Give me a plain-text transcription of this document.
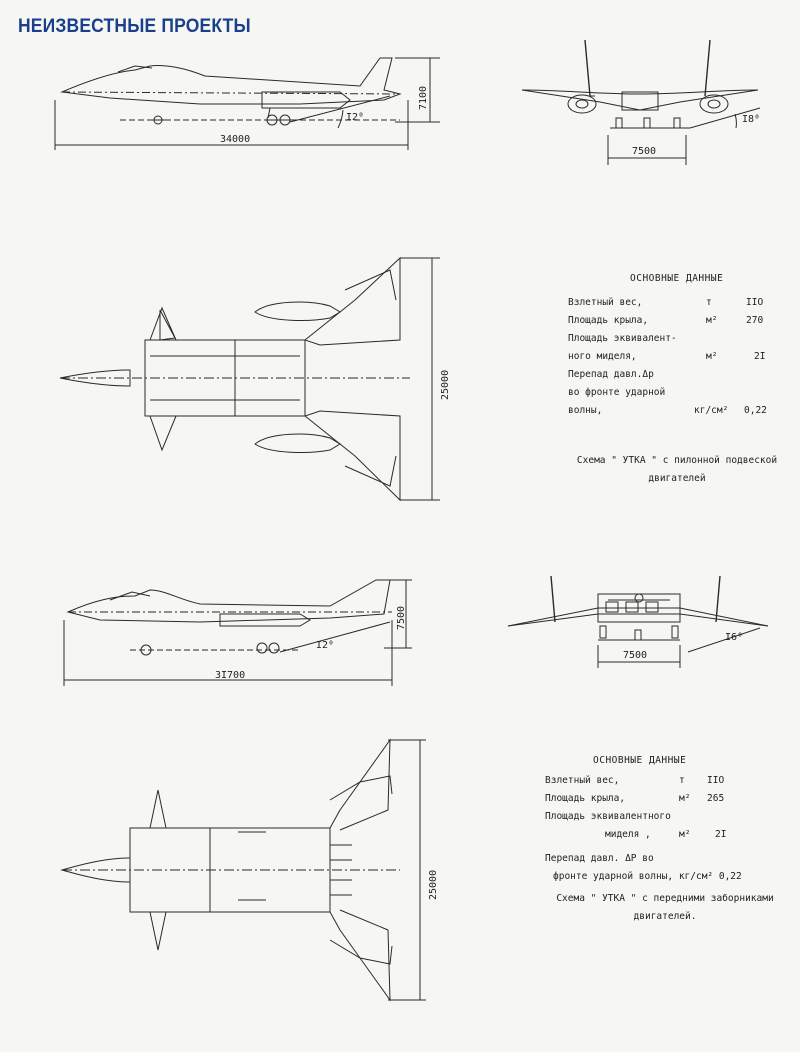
НЕИЗВЕСТНЫЕ ПРОЕКТЫ
34000
7100
I2⁰
7500
I8⁰
25000
3I700
7500
I2⁰
7500
I6⁰
25000
ОСНОВНЫЕ ДАННЫЕ
Взлетный вес,	т	IIO
Площадь крыла,	м²	270
Площадь эквивалент-
ного миделя,	м²	2I
Перепад давл.Δр
во фронте ударной
волны,	кг/см² 0,22
Схема " УТКА " с пилонной подвеской
двигателей
ОСНОВНЫЕ ДАННЫЕ
Взлетный вес,	т IIO
Площадь крыла,	м² 265
Площадь эквивалентного
миделя ,	м²	2I
Перепад давл. ΔР во
фронте ударной волны, кг/см² 0,22
Схема " УТКА " с передними заборниками
двигателей.
